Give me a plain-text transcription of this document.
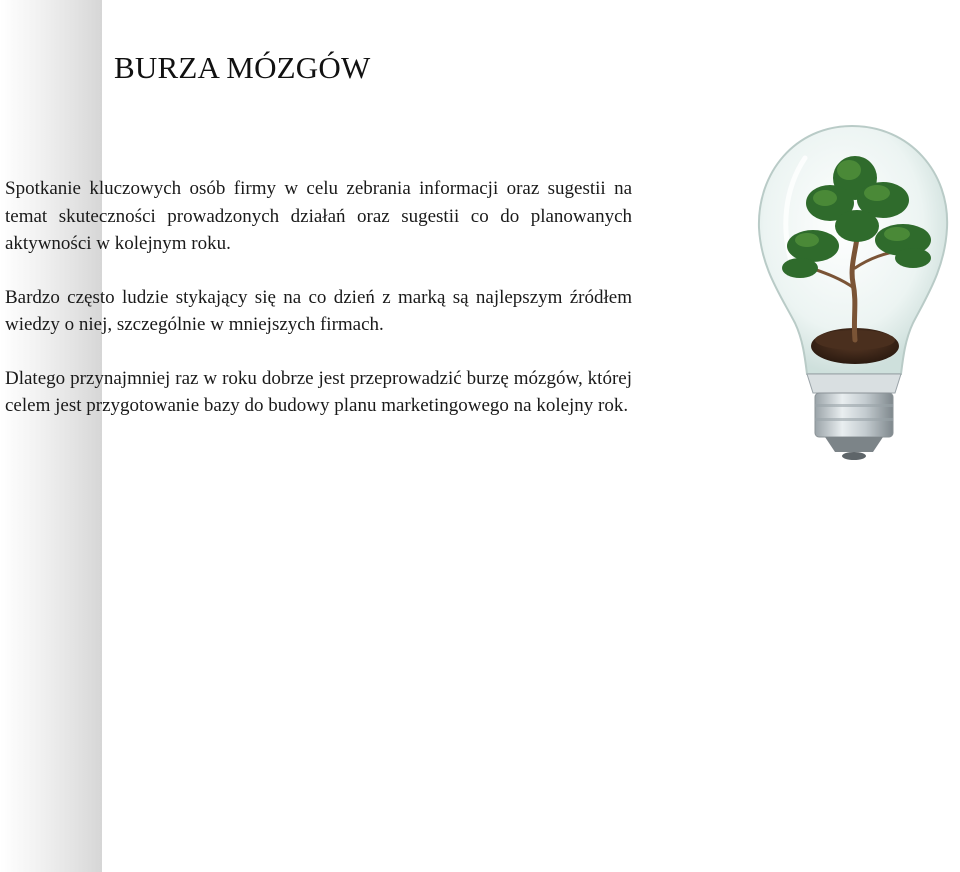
BURZA MÓZGÓW

Spotkanie kluczowych osób firmy w celu zebrania informacji oraz sugestii na temat skuteczności prowadzonych działań oraz sugestii co do planowanych aktywności w kolejnym roku.

Bardzo często ludzie stykający się na co dzień z marką są najlepszym źródłem wiedzy o niej, szczególnie w mniejszych firmach.

Dlatego przynajmniej raz w roku dobrze jest przeprowadzić burzę mózgów, której celem jest przygotowanie bazy do budowy planu marketingowego na kolejny rok.
